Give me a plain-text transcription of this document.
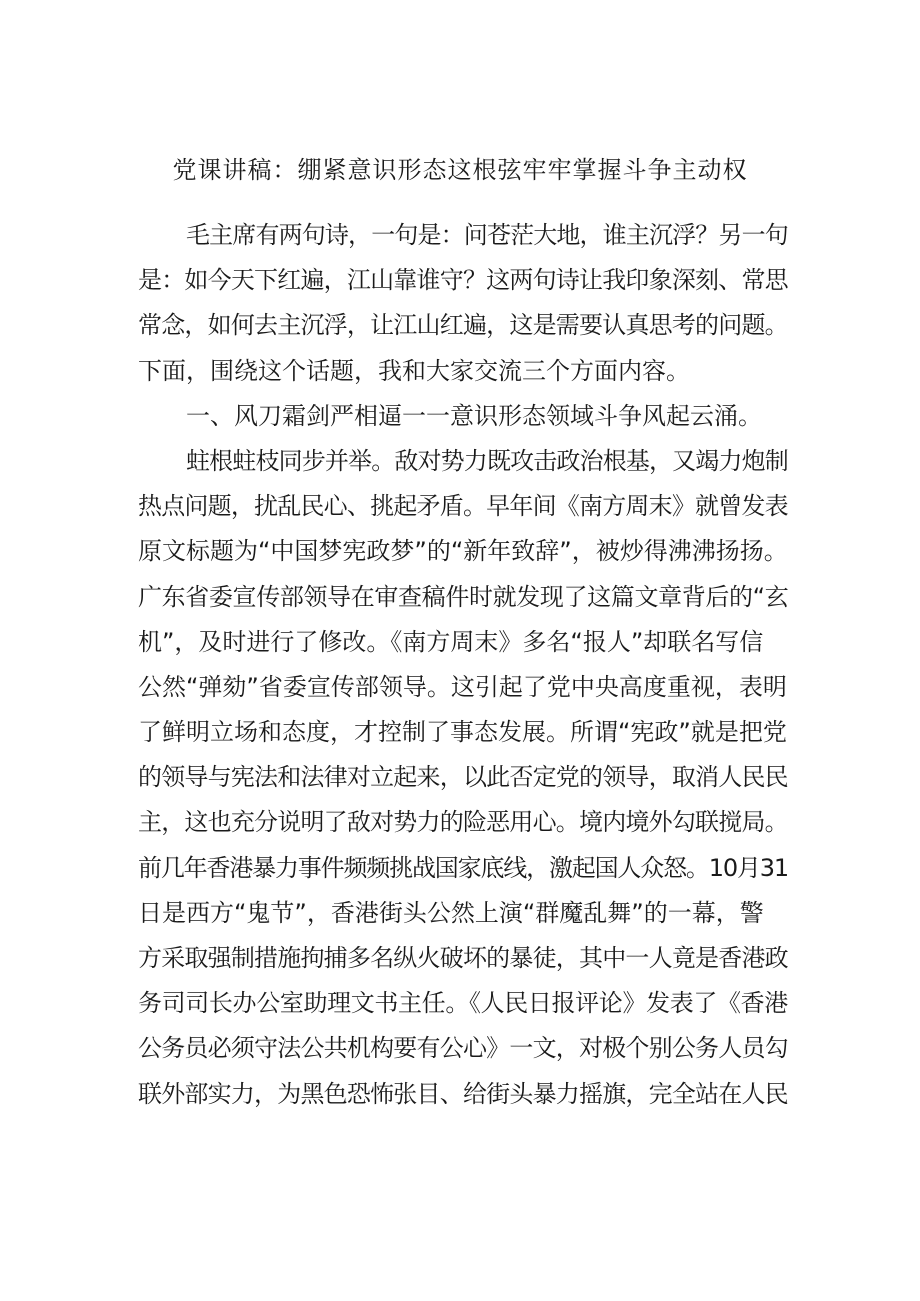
党课讲稿：绷紧意识形态这根弦牢牢掌握斗争主动权
毛主席有两句诗，一句是：问苍茫大地，谁主沉浮？另一句
是：如今天下红遍，江山靠谁守？这两句诗让我印象深刻、常思
常念，如何去主沉浮，让江山红遍，这是需要认真思考的问题。
下面，围绕这个话题，我和大家交流三个方面内容。
一、风刀霜剑严相逼一一意识形态领域斗争风起云涌。
蛀根蛀枝同步并举。敌对势力既攻击政治根基，又竭力炮制
热点问题，扰乱民心、挑起矛盾。早年间《南方周末》就曾发表
原文标题为“中国梦宪政梦”的“新年致辞”，被炒得沸沸扬扬。
广东省委宣传部领导在审查稿件时就发现了这篇文章背后的“玄
机”，及时进行了修改。《南方周末》多名“报人”却联名写信
公然“弹劾”省委宣传部领导。这引起了党中央高度重视，表明
了鲜明立场和态度，才控制了事态发展。所谓“宪政”就是把党
的领导与宪法和法律对立起来，以此否定党的领导，取消人民民
主，这也充分说明了敌对势力的险恶用心。境内境外勾联搅局。
前几年香港暴力事件频频挑战国家底线，激起国人众怒。10月31
日是西方“鬼节”，香港街头公然上演“群魔乱舞”的一幕，警
方采取强制措施拘捕多名纵火破坏的暴徒，其中一人竟是香港政
务司司长办公室助理文书主任。《人民日报评论》发表了《香港
公务员必须守法公共机构要有公心》一文，对极个别公务人员勾
联外部实力，为黑色恐怖张目、给街头暴力摇旗，完全站在人民
